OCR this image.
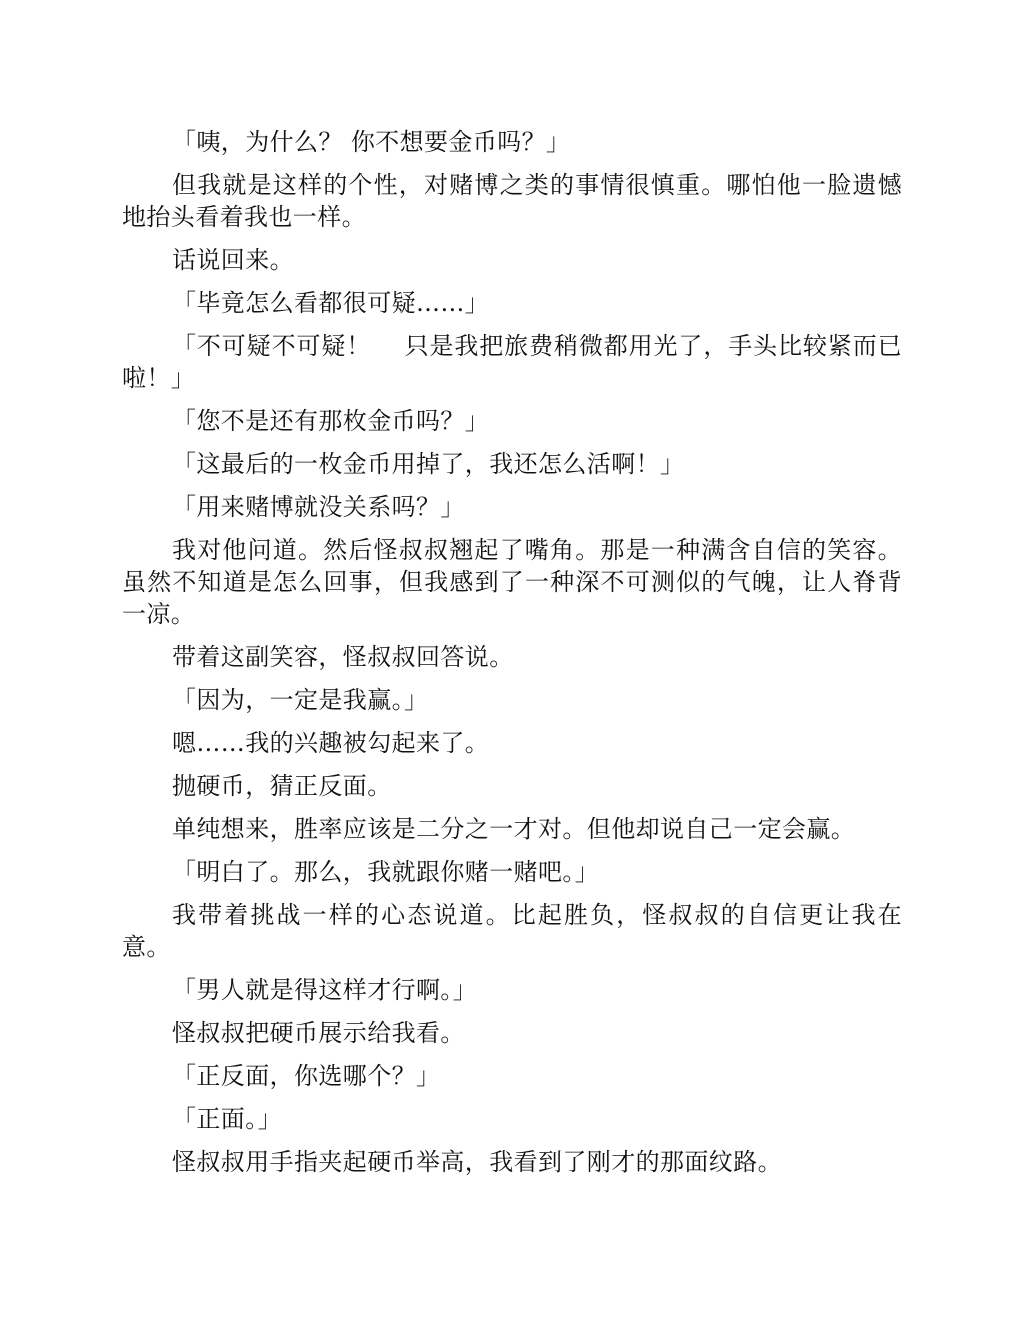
「咦，为什么？ 你不想要金币吗？」

但我就是这样的个性，对赌博之类的事情很慎重。哪怕他一脸遗憾地抬头看着我也一样。

话说回来。

「毕竟怎么看都很可疑……」

「不可疑不可疑！　 只是我把旅费稍微都用光了，手头比较紧而已啦！」

「您不是还有那枚金币吗？」

「这最后的一枚金币用掉了，我还怎么活啊！」

「用来赌博就没关系吗？」

我对他问道。然后怪叔叔翘起了嘴角。那是一种满含自信的笑容。虽然不知道是怎么回事，但我感到了一种深不可测似的气魄，让人脊背一凉。

带着这副笑容，怪叔叔回答说。

「因为，一定是我赢。」

嗯……我的兴趣被勾起来了。

抛硬币，猜正反面。

单纯想来，胜率应该是二分之一才对。但他却说自己一定会赢。

「明白了。那么，我就跟你赌一赌吧。」

我带着挑战一样的心态说道。比起胜负，怪叔叔的自信更让我在意。

「男人就是得这样才行啊。」

怪叔叔把硬币展示给我看。

「正反面，你选哪个？」

「正面。」

怪叔叔用手指夹起硬币举高，我看到了刚才的那面纹路。
